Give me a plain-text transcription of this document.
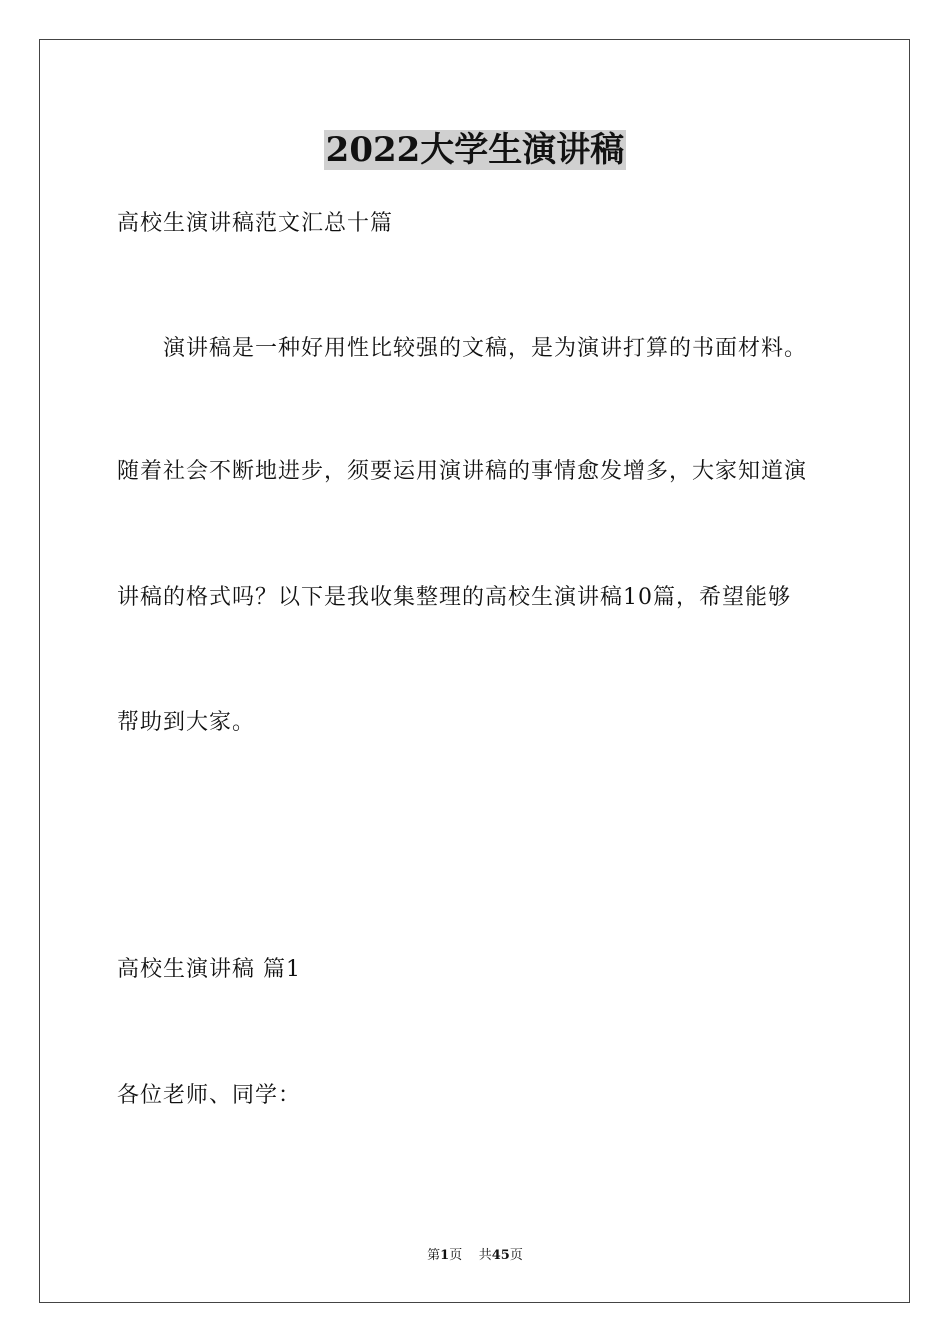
2022大学生演讲稿
高校生演讲稿范文汇总十篇
演讲稿是一种好用性比较强的文稿，是为演讲打算的书面材料。
随着社会不断地进步，须要运用演讲稿的事情愈发增多，大家知道演
讲稿的格式吗？以下是我收集整理的高校生演讲稿10篇，希望能够
帮助到大家。
高校生演讲稿 篇1
各位老师、同学：
第1页 共45页
